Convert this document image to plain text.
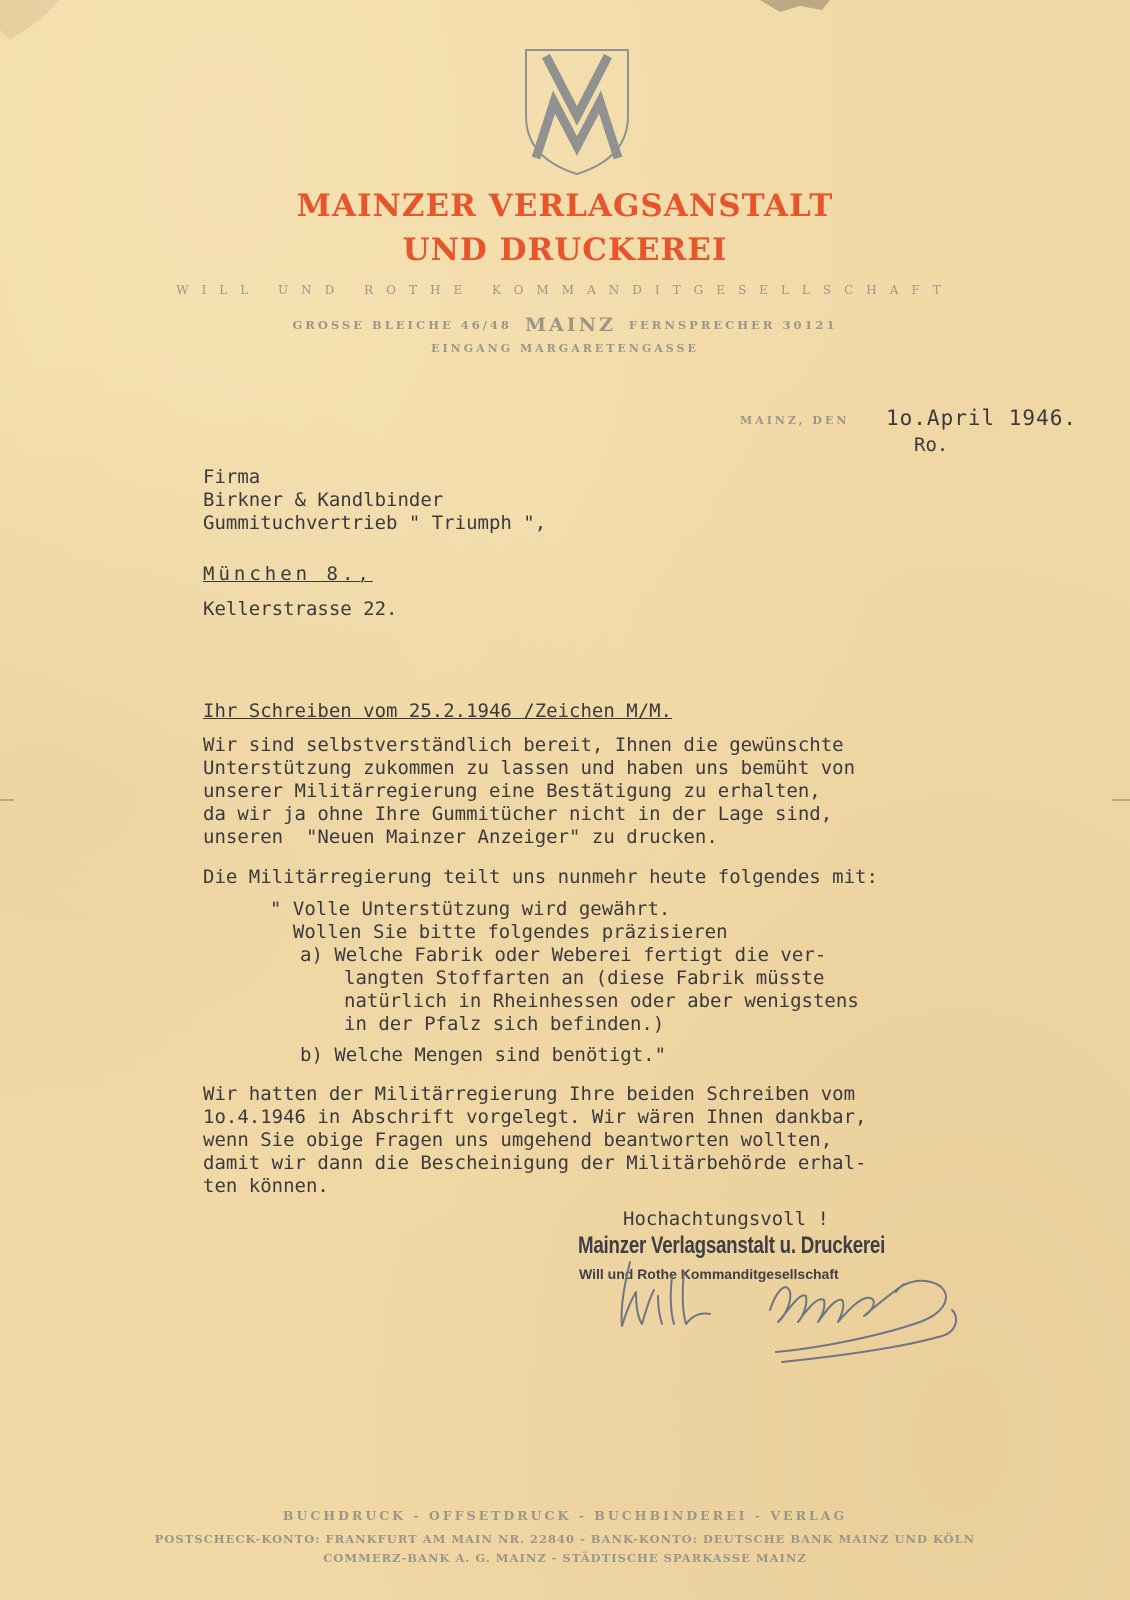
MAINZER VERLAGSANSTALT
UND DRUCKEREI
WILL UND ROTHE KOMMANDITGESELLSCHAFT
GROSSE BLEICHE 46/48 MAINZ FERNSPRECHER 30121
EINGANG MARGARETENGASSE
MAINZ, DEN 1o.April 1946.
Ro.
Firma
Birkner & Kandlbinder
Gummituchvertrieb " Triumph ",
München 8.,
Kellerstrasse 22.
Ihr Schreiben vom 25.2.1946 /Zeichen M/M.
Wir sind selbstverständlich bereit, Ihnen die gewünschte
Unterstützung zukommen zu lassen und haben uns bemüht von
unserer Militärregierung eine Bestätigung zu erhalten,
da wir ja ohne Ihre Gummitücher nicht in der Lage sind,
unseren  "Neuen Mainzer Anzeiger" zu drucken.
Die Militärregierung teilt uns nunmehr heute folgendes mit:
" Volle Unterstützung wird gewährt.
Wollen Sie bitte folgendes präzisieren
a) Welche Fabrik oder Weberei fertigt die ver-
langten Stoffarten an (diese Fabrik müsste
natürlich in Rheinhessen oder aber wenigstens
in der Pfalz sich befinden.)
b) Welche Mengen sind benötigt."
Wir hatten der Militärregierung Ihre beiden Schreiben vom
1o.4.1946 in Abschrift vorgelegt. Wir wären Ihnen dankbar,
wenn Sie obige Fragen uns umgehend beantworten wollten,
damit wir dann die Bescheinigung der Militärbehörde erhal-
ten können.
Hochachtungsvoll !
Mainzer Verlagsanstalt u. Druckerei
Will und Rothe Kommanditgesellschaft
BUCHDRUCK - OFFSETDRUCK - BUCHBINDEREI - VERLAG
POSTSCHECK-KONTO: FRANKFURT AM MAIN NR. 22840 - BANK-KONTO: DEUTSCHE BANK MAINZ UND KÖLN
COMMERZ-BANK A. G. MAINZ - STÄDTISCHE SPARKASSE MAINZ
